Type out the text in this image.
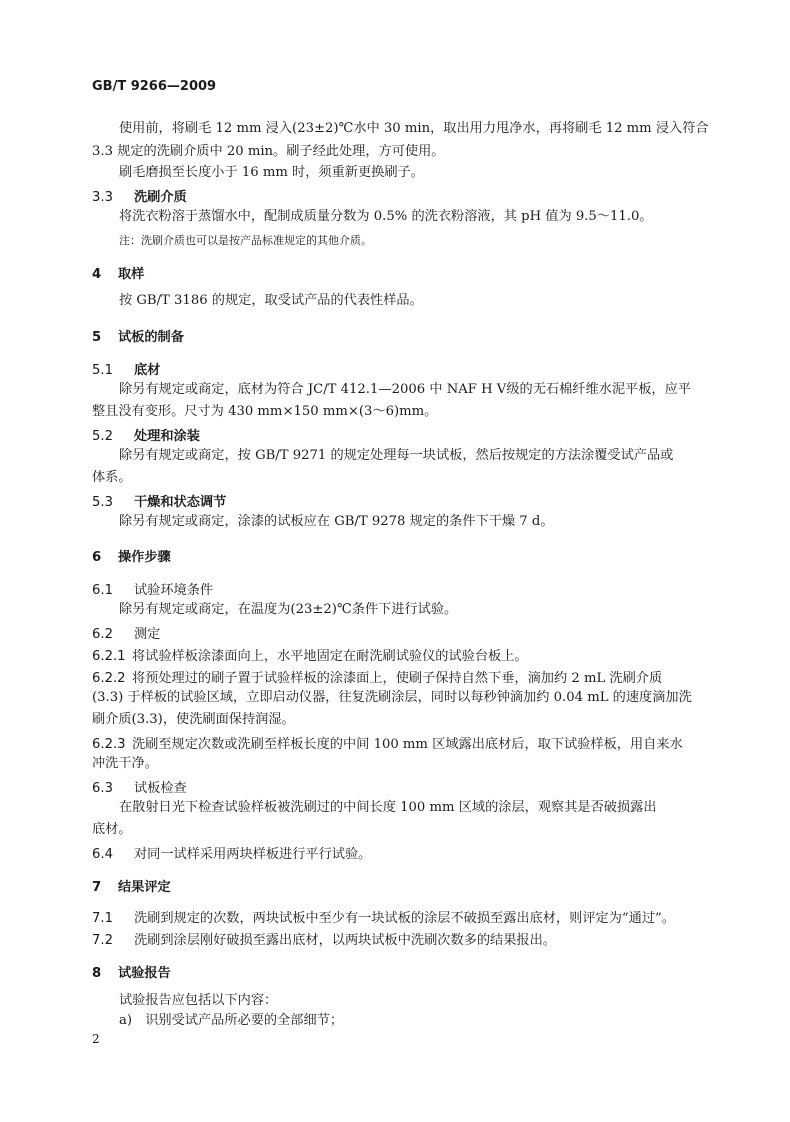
GB/T 9266—2009
使用前，将刷毛 12 mm 浸入(23±2)℃水中 30 min，取出用力甩净水，再将刷毛 12 mm 浸入符合
3.3 规定的洗刷介质中 20 min。刷子经此处理，方可使用。
刷毛磨损至长度小于 16 mm 时，须重新更换刷子。
3.3 洗刷介质
将洗衣粉溶于蒸馏水中，配制成质量分数为 0.5% 的洗衣粉溶液，其 pH 值为 9.5～11.0。
注：洗刷介质也可以是按产品标准规定的其他介质。
4 取样
按 GB/T 3186 的规定，取受试产品的代表性样品。
5 试板的制备
5.1 底材
除另有规定或商定，底材为符合 JC/T 412.1—2006 中 NAF H Ⅴ级的无石棉纤维水泥平板，应平
整且没有变形。尺寸为 430 mm×150 mm×(3～6)mm。
5.2 处理和涂装
除另有规定或商定，按 GB/T 9271 的规定处理每一块试板，然后按规定的方法涂覆受试产品或
体系。
5.3 干燥和状态调节
除另有规定或商定，涂漆的试板应在 GB/T 9278 规定的条件下干燥 7 d。
6 操作步骤
6.1 试验环境条件
除另有规定或商定，在温度为(23±2)℃条件下进行试验。
6.2 测定
6.2.1 将试验样板涂漆面向上，水平地固定在耐洗刷试验仪的试验台板上。
6.2.2 将预处理过的刷子置于试验样板的涂漆面上，使刷子保持自然下垂，滴加约 2 mL 洗刷介质
(3.3) 于样板的试验区域，立即启动仪器，往复洗刷涂层，同时以每秒钟滴加约 0.04 mL 的速度滴加洗
刷介质(3.3)，使洗刷面保持润湿。
6.2.3 洗刷至规定次数或洗刷至样板长度的中间 100 mm 区域露出底材后，取下试验样板，用自来水
冲洗干净。
6.3 试板检查
在散射日光下检查试验样板被洗刷过的中间长度 100 mm 区域的涂层，观察其是否破损露出
底材。
6.4 对同一试样采用两块样板进行平行试验。
7 结果评定
7.1 洗刷到规定的次数，两块试板中至少有一块试板的涂层不破损至露出底材，则评定为“通过”。
7.2 洗刷到涂层刚好破损至露出底材，以两块试板中洗刷次数多的结果报出。
8 试验报告
试验报告应包括以下内容：
a)　识别受试产品所必要的全部细节；
2
